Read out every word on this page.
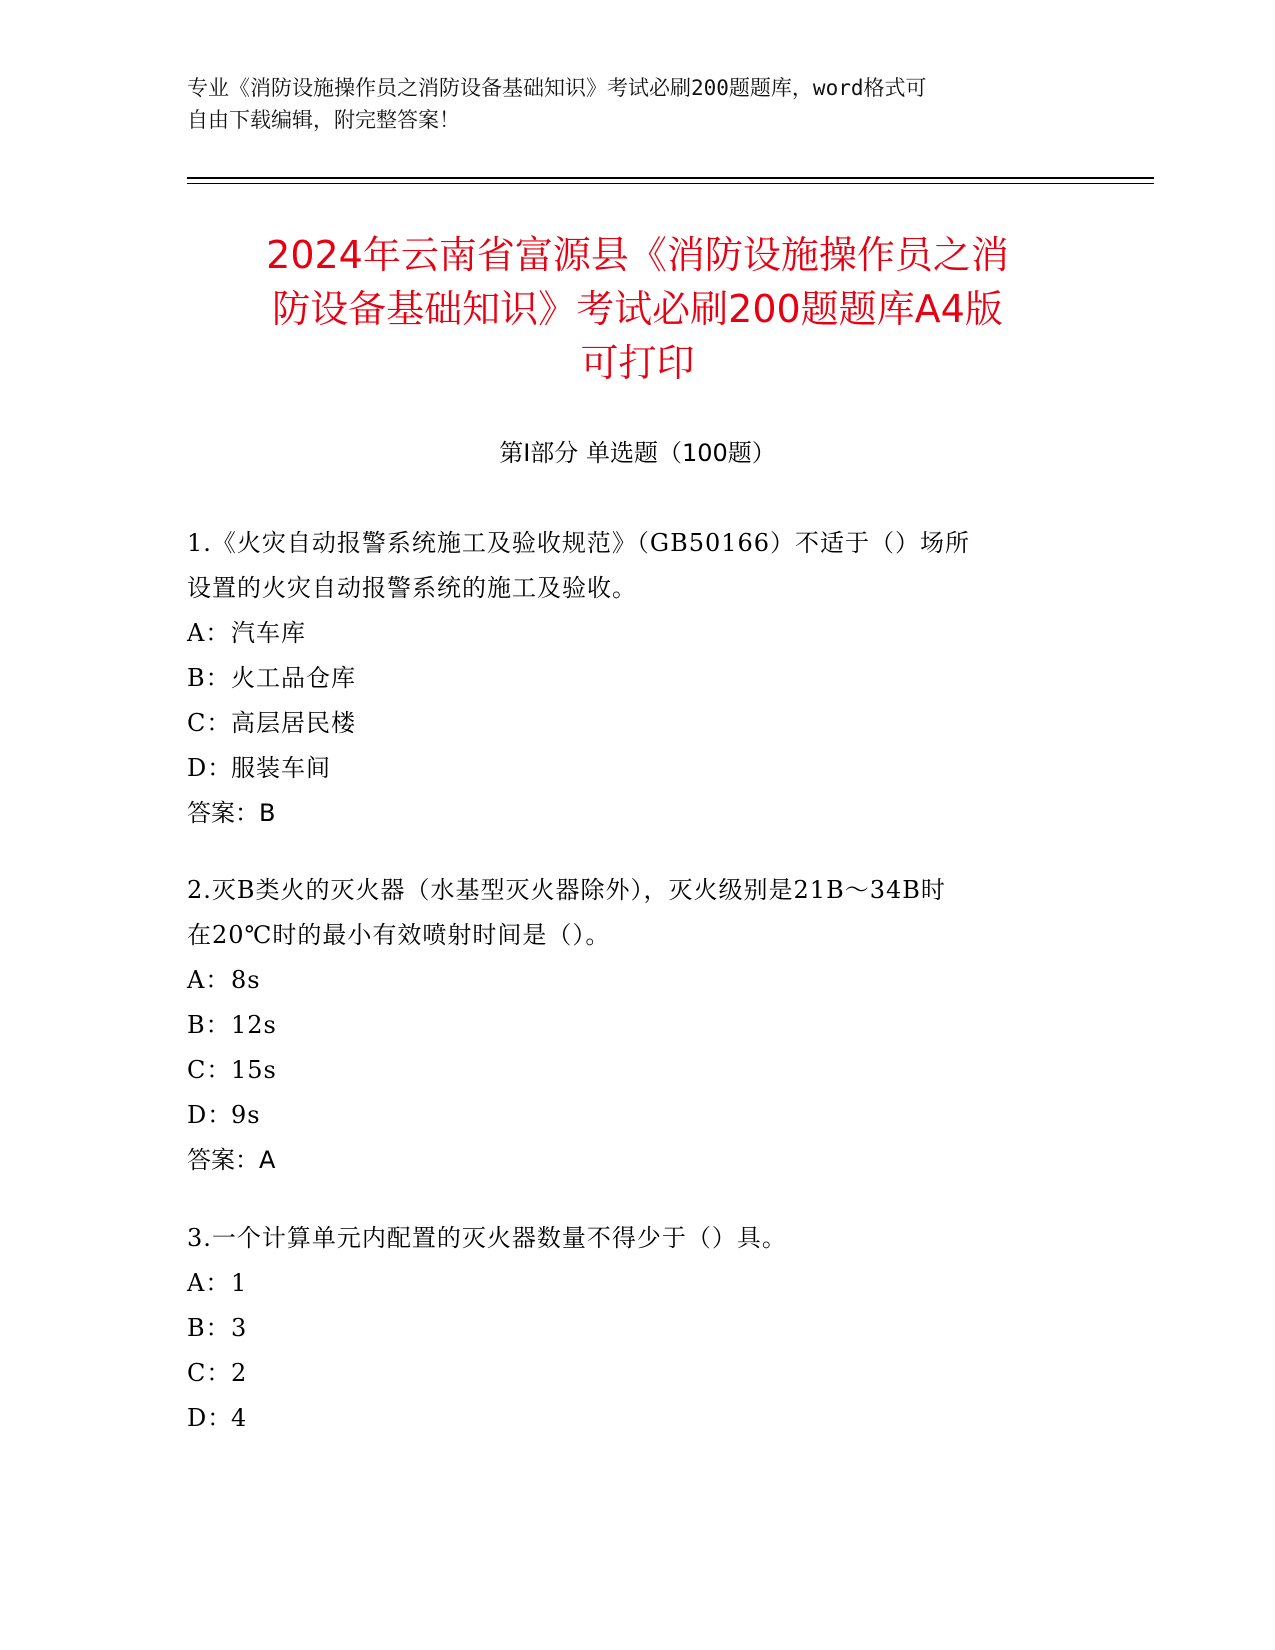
专业《消防设施操作员之消防设备基础知识》考试必刷200题题库，word格式可
自由下载编辑，附完整答案！
2024年云南省富源县《消防设施操作员之消
防设备基础知识》考试必刷200题题库A4版
可打印
第Ⅰ部分 单选题（100题）
1.《火灾自动报警系统施工及验收规范》（GB50166）不适于（）场所
设置的火灾自动报警系统的施工及验收。
A：汽车库
B：火工品仓库
C：高层居民楼
D：服装车间
答案：B
2.灭B类火的灭火器（水基型灭火器除外），灭火级别是21B～34B时
在20℃时的最小有效喷射时间是（）。
A：8s
B：12s
C：15s
D：9s
答案：A
3.一个计算单元内配置的灭火器数量不得少于（）具。
A：1
B：3
C：2
D：4
